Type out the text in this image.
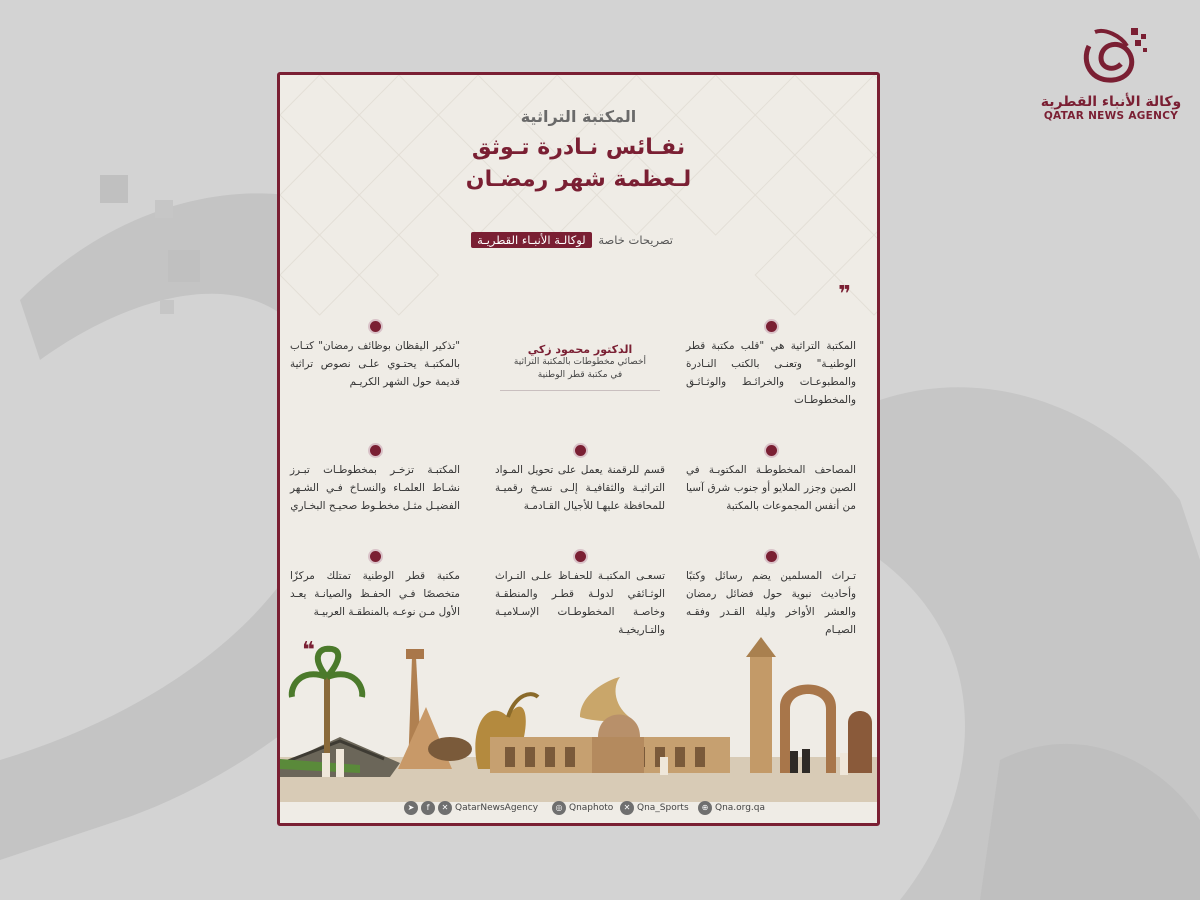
وكالة الأنباء القطرية
QATAR NEWS AGENCY
المكتبة التراثية
نفـائس نـادرة تـوثق
لـعظمة شهر رمضـان
تصريحات خاصة لوكالـة الأنبـاء القطريـة
❞
المكتبة التراثية هي "قلب مكتبة قطر الوطنيـة" وتعنـى بالكتب النـادرة والمطبوعـات والخرائـط والوثـائـق والمخطوطـات
المصاحف المخطوطـة المكتوبـة في الصين وجزر الملايو أو جنوب شرق آسيا من أنفس المجموعات بالمكتبة
تـراث المسلمين يضم رسائل وكتبًا وأحاديث نبوية حول فضائل رمضان والعشر الأواخر وليلة القـدر وفقـه الصيـام
الدكتور محمود زكي
أخصائي مخطوطات بالمكتبة التراثية
في مكتبة قطر الوطنية
قسم للرقمنة يعمل على تحويل المـواد التراثيـة والثقافيـة إلـى نسـخ رقميـة للمحافظة عليهـا للأجيال القـادمـة
تسعـى المكتبـة للحفـاظ علـى التـراث الوثـائقي لدولـة قطـر والمنطقـة وخاصـة المخطوطـات الإسـلاميـة والتـاريخيـة
"تذكير اليقظان بوظائف رمضان" كتـاب بالمكتبـة يحتـوي علـى نصوص تراثية قديمة حول الشهر الكريـم
المكتبـة تزخـر بمخطوطـات تبـرز نشـاط العلمـاء والنسـاخ فـي الشـهر الفضيـل مثـل مخطـوط صحيـح البخـاري
مكتبة قطر الوطنية تمتلك مركزًا متخصصًا فـي الحفـظ والصيانـة يعـد الأول مـن نوعـه بالمنطقـة العربيـة
❝
➤	f	✕ QatarNewsAgency	◎ Qnaphoto	✕ Qna_Sports	⊕ Qna.org.qa
